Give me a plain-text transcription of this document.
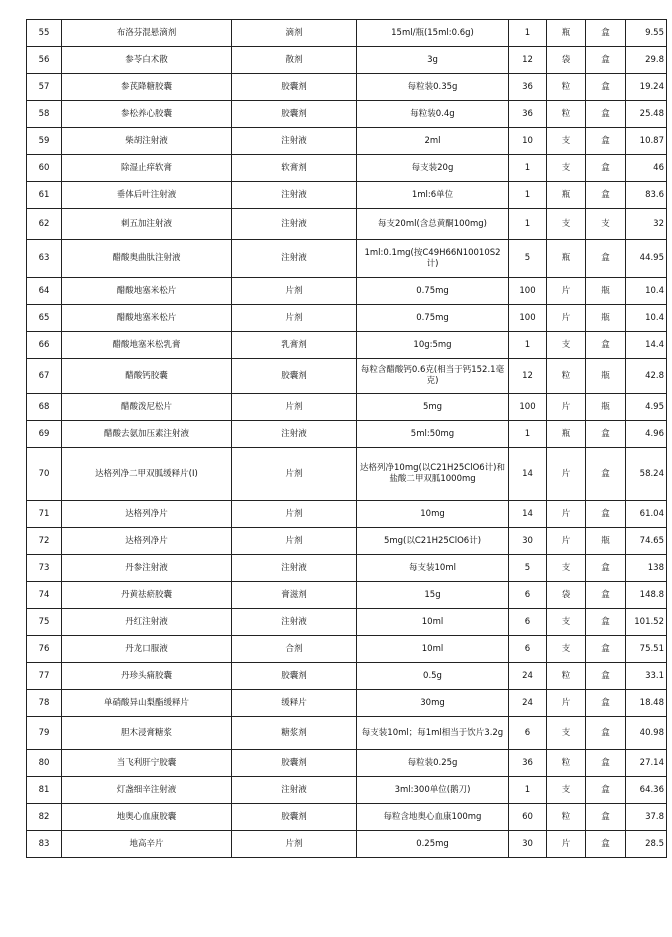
55	布洛芬混悬滴剂	滴剂	15ml/瓶(15ml:0.6g)	1	瓶	盒	9.55
56	参苓白术散	散剂	3g	12	袋	盒	29.8
57	参芪降糖胶囊	胶囊剂	每粒装0.35g	36	粒	盒	19.24
58	参松养心胶囊	胶囊剂	每粒装0.4g	36	粒	盒	25.48
59	柴胡注射液	注射液	2ml	10	支	盒	10.87
60	除湿止痒软膏	软膏剂	每支装20g	1	支	盒	46
61	垂体后叶注射液	注射液	1ml:6单位	1	瓶	盒	83.6
62	刺五加注射液	注射液	每支20ml(含总黄酮100mg)	1	支	支	32
63	醋酸奥曲肽注射液	注射液	1ml:0.1mg(按C49H66N10010S2计)	5	瓶	盒	44.95
64	醋酸地塞米松片	片剂	0.75mg	100	片	瓶	10.4
65	醋酸地塞米松片	片剂	0.75mg	100	片	瓶	10.4
66	醋酸地塞米松乳膏	乳膏剂	10g:5mg	1	支	盒	14.4
67	醋酸钙胶囊	胶囊剂	每粒含醋酸钙0.6克(相当于钙152.1毫克)	12	粒	瓶	42.8
68	醋酸泼尼松片	片剂	5mg	100	片	瓶	4.95
69	醋酸去氨加压素注射液	注射液	5ml:50mg	1	瓶	盒	4.96
70	达格列净二甲双胍缓释片(Ⅰ)	片剂	达格列净10mg(以C21H25ClO6计)和盐酸二甲双胍1000mg	14	片	盒	58.24
71	达格列净片	片剂	10mg	14	片	盒	61.04
72	达格列净片	片剂	5mg(以C21H25ClO6计)	30	片	瓶	74.65
73	丹参注射液	注射液	每支装10ml	5	支	盒	138
74	丹黄祛瘀胶囊	膏滋剂	15g	6	袋	盒	148.8
75	丹红注射液	注射液	10ml	6	支	盒	101.52
76	丹龙口服液	合剂	10ml	6	支	盒	75.51
77	丹珍头痛胶囊	胶囊剂	0.5g	24	粒	盒	33.1
78	单硝酸异山梨酯缓释片	缓释片	30mg	24	片	盒	18.48
79	胆木浸膏糖浆	糖浆剂	每支装10ml；每1ml相当于饮片3.2g	6	支	盒	40.98
80	当飞利肝宁胶囊	胶囊剂	每粒装0.25g	36	粒	盒	27.14
81	灯盏细辛注射液	注射液	3ml:300单位(鹅刀)	1	支	盒	64.36
82	地奥心血康胶囊	胶囊剂	每粒含地奥心血康100mg	60	粒	盒	37.8
83	地高辛片	片剂	0.25mg	30	片	盒	28.5
